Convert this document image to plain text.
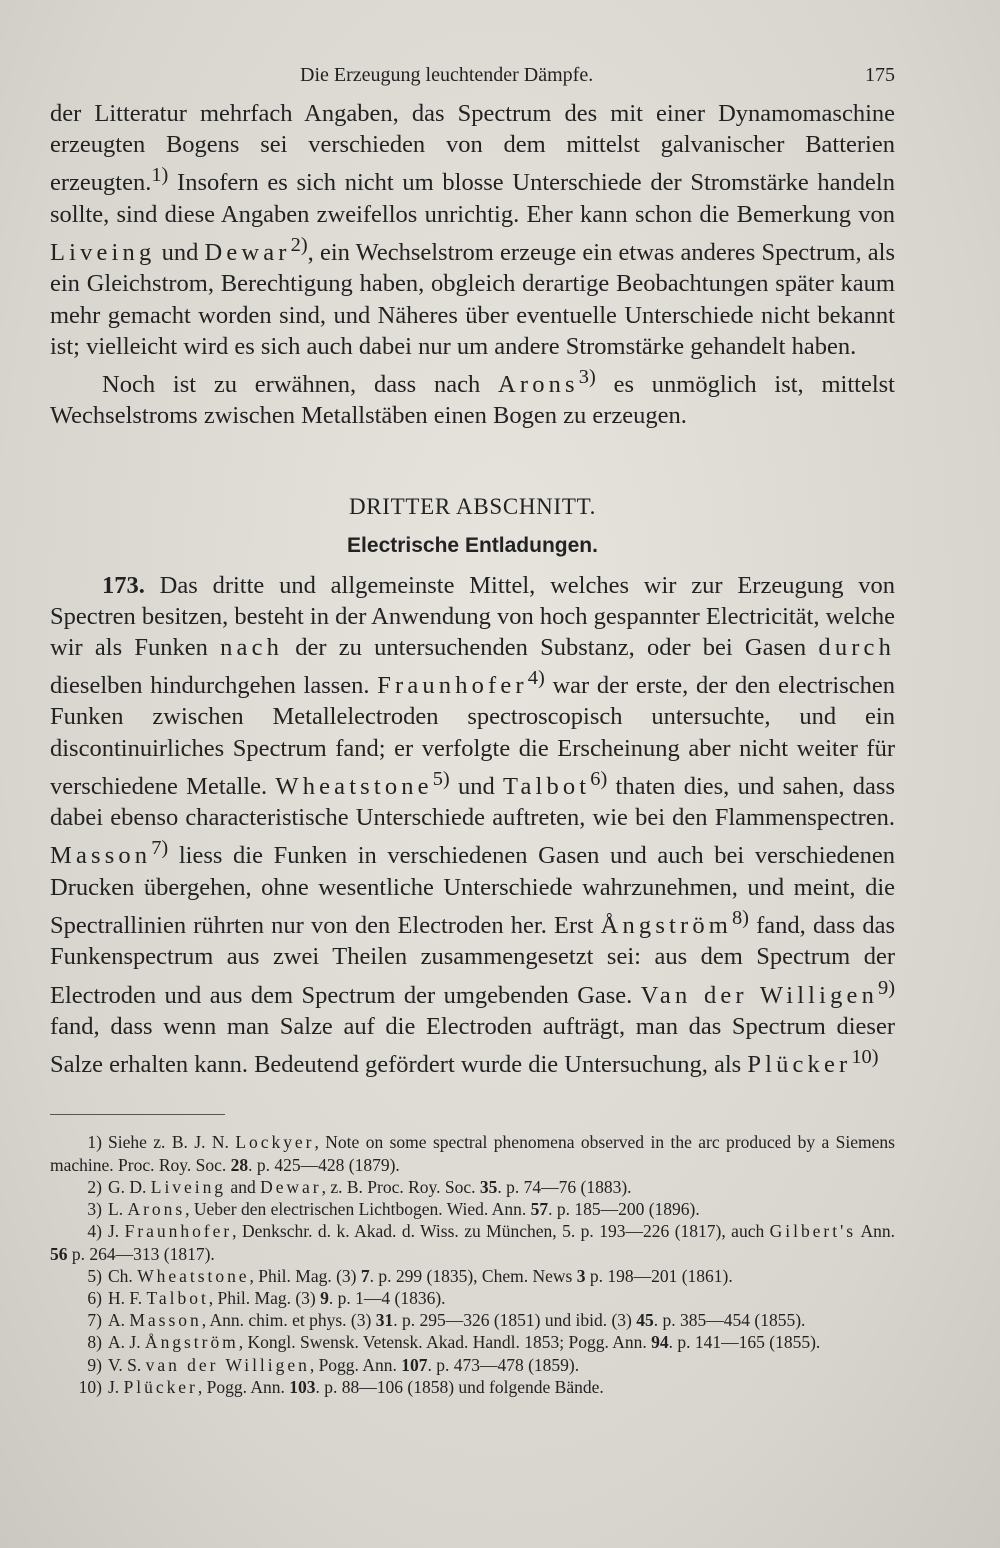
Die Erzeugung leuchtender Dämpfe.	175

der Litteratur mehrfach Angaben, das Spectrum des mit einer Dynamomaschine erzeugten Bogens sei verschieden von dem mittelst galvanischer Batterien erzeugten.$^{1)}$ Insofern es sich nicht um blosse Unterschiede der Stromstärke handeln sollte, sind diese Angaben zweifellos unrichtig. Eher kann schon die Bemerkung von Liveing und Dewar$^{2)}$, ein Wechselstrom erzeuge ein etwas anderes Spectrum, als ein Gleichstrom, Berechtigung haben, obgleich derartige Beobachtungen später kaum mehr gemacht worden sind, und Näheres über eventuelle Unterschiede nicht bekannt ist; vielleicht wird es sich auch dabei nur um andere Stromstärke gehandelt haben.

Noch ist zu erwähnen, dass nach Arons$^{3)}$ es unmöglich ist, mittelst Wechselstroms zwischen Metallstäben einen Bogen zu erzeugen.

DRITTER ABSCHNITT.
Electrische Entladungen.

173. Das dritte und allgemeinste Mittel, welches wir zur Erzeugung von Spectren besitzen, besteht in der Anwendung von hoch gespannter Electricität, welche wir als Funken nach der zu untersuchenden Substanz, oder bei Gasen durch dieselben hindurchgehen lassen. Fraunhofer$^{4)}$ war der erste, der den electrischen Funken zwischen Metallelectroden spectroscopisch untersuchte, und ein discontinuirliches Spectrum fand; er verfolgte die Erscheinung aber nicht weiter für verschiedene Metalle. Wheatstone$^{5)}$ und Talbot$^{6)}$ thaten dies, und sahen, dass dabei ebenso characteristische Unterschiede auftreten, wie bei den Flammenspectren. Masson$^{7)}$ liess die Funken in verschiedenen Gasen und auch bei verschiedenen Drucken übergehen, ohne wesentliche Unterschiede wahrzunehmen, und meint, die Spectrallinien rührten nur von den Electroden her. Erst Ångström$^{8)}$ fand, dass das Funkenspectrum aus zwei Theilen zusammengesetzt sei: aus dem Spectrum der Electroden und aus dem Spectrum der umgebenden Gase. Van der Willigen$^{9)}$ fand, dass wenn man Salze auf die Electroden aufträgt, man das Spectrum dieser Salze erhalten kann. Bedeutend gefördert wurde die Untersuchung, als Plücker$^{10)}$

1) Siehe z. B. J. N. Lockyer, Note on some spectral phenomena observed in the arc produced by a Siemens machine. Proc. Roy. Soc. 28. p. 425—428 (1879).

2) G. D. Liveing and Dewar, z. B. Proc. Roy. Soc. 35. p. 74—76 (1883).

3) L. Arons, Ueber den electrischen Lichtbogen. Wied. Ann. 57. p. 185—200 (1896).

4) J. Fraunhofer, Denkschr. d. k. Akad. d. Wiss. zu München, 5. p. 193—226 (1817), auch Gilbert's Ann. 56 p. 264—313 (1817).

5) Ch. Wheatstone, Phil. Mag. (3) 7. p. 299 (1835), Chem. News 3 p. 198—201 (1861).

6) H. F. Talbot, Phil. Mag. (3) 9. p. 1—4 (1836).

7) A. Masson, Ann. chim. et phys. (3) 31. p. 295—326 (1851) und ibid. (3) 45. p. 385—454 (1855).

8) A. J. Ångström, Kongl. Swensk. Vetensk. Akad. Handl. 1853; Pogg. Ann. 94. p. 141—165 (1855).

9) V. S. van der Willigen, Pogg. Ann. 107. p. 473—478 (1859).

10) J. Plücker, Pogg. Ann. 103. p. 88—106 (1858) und folgende Bände.
